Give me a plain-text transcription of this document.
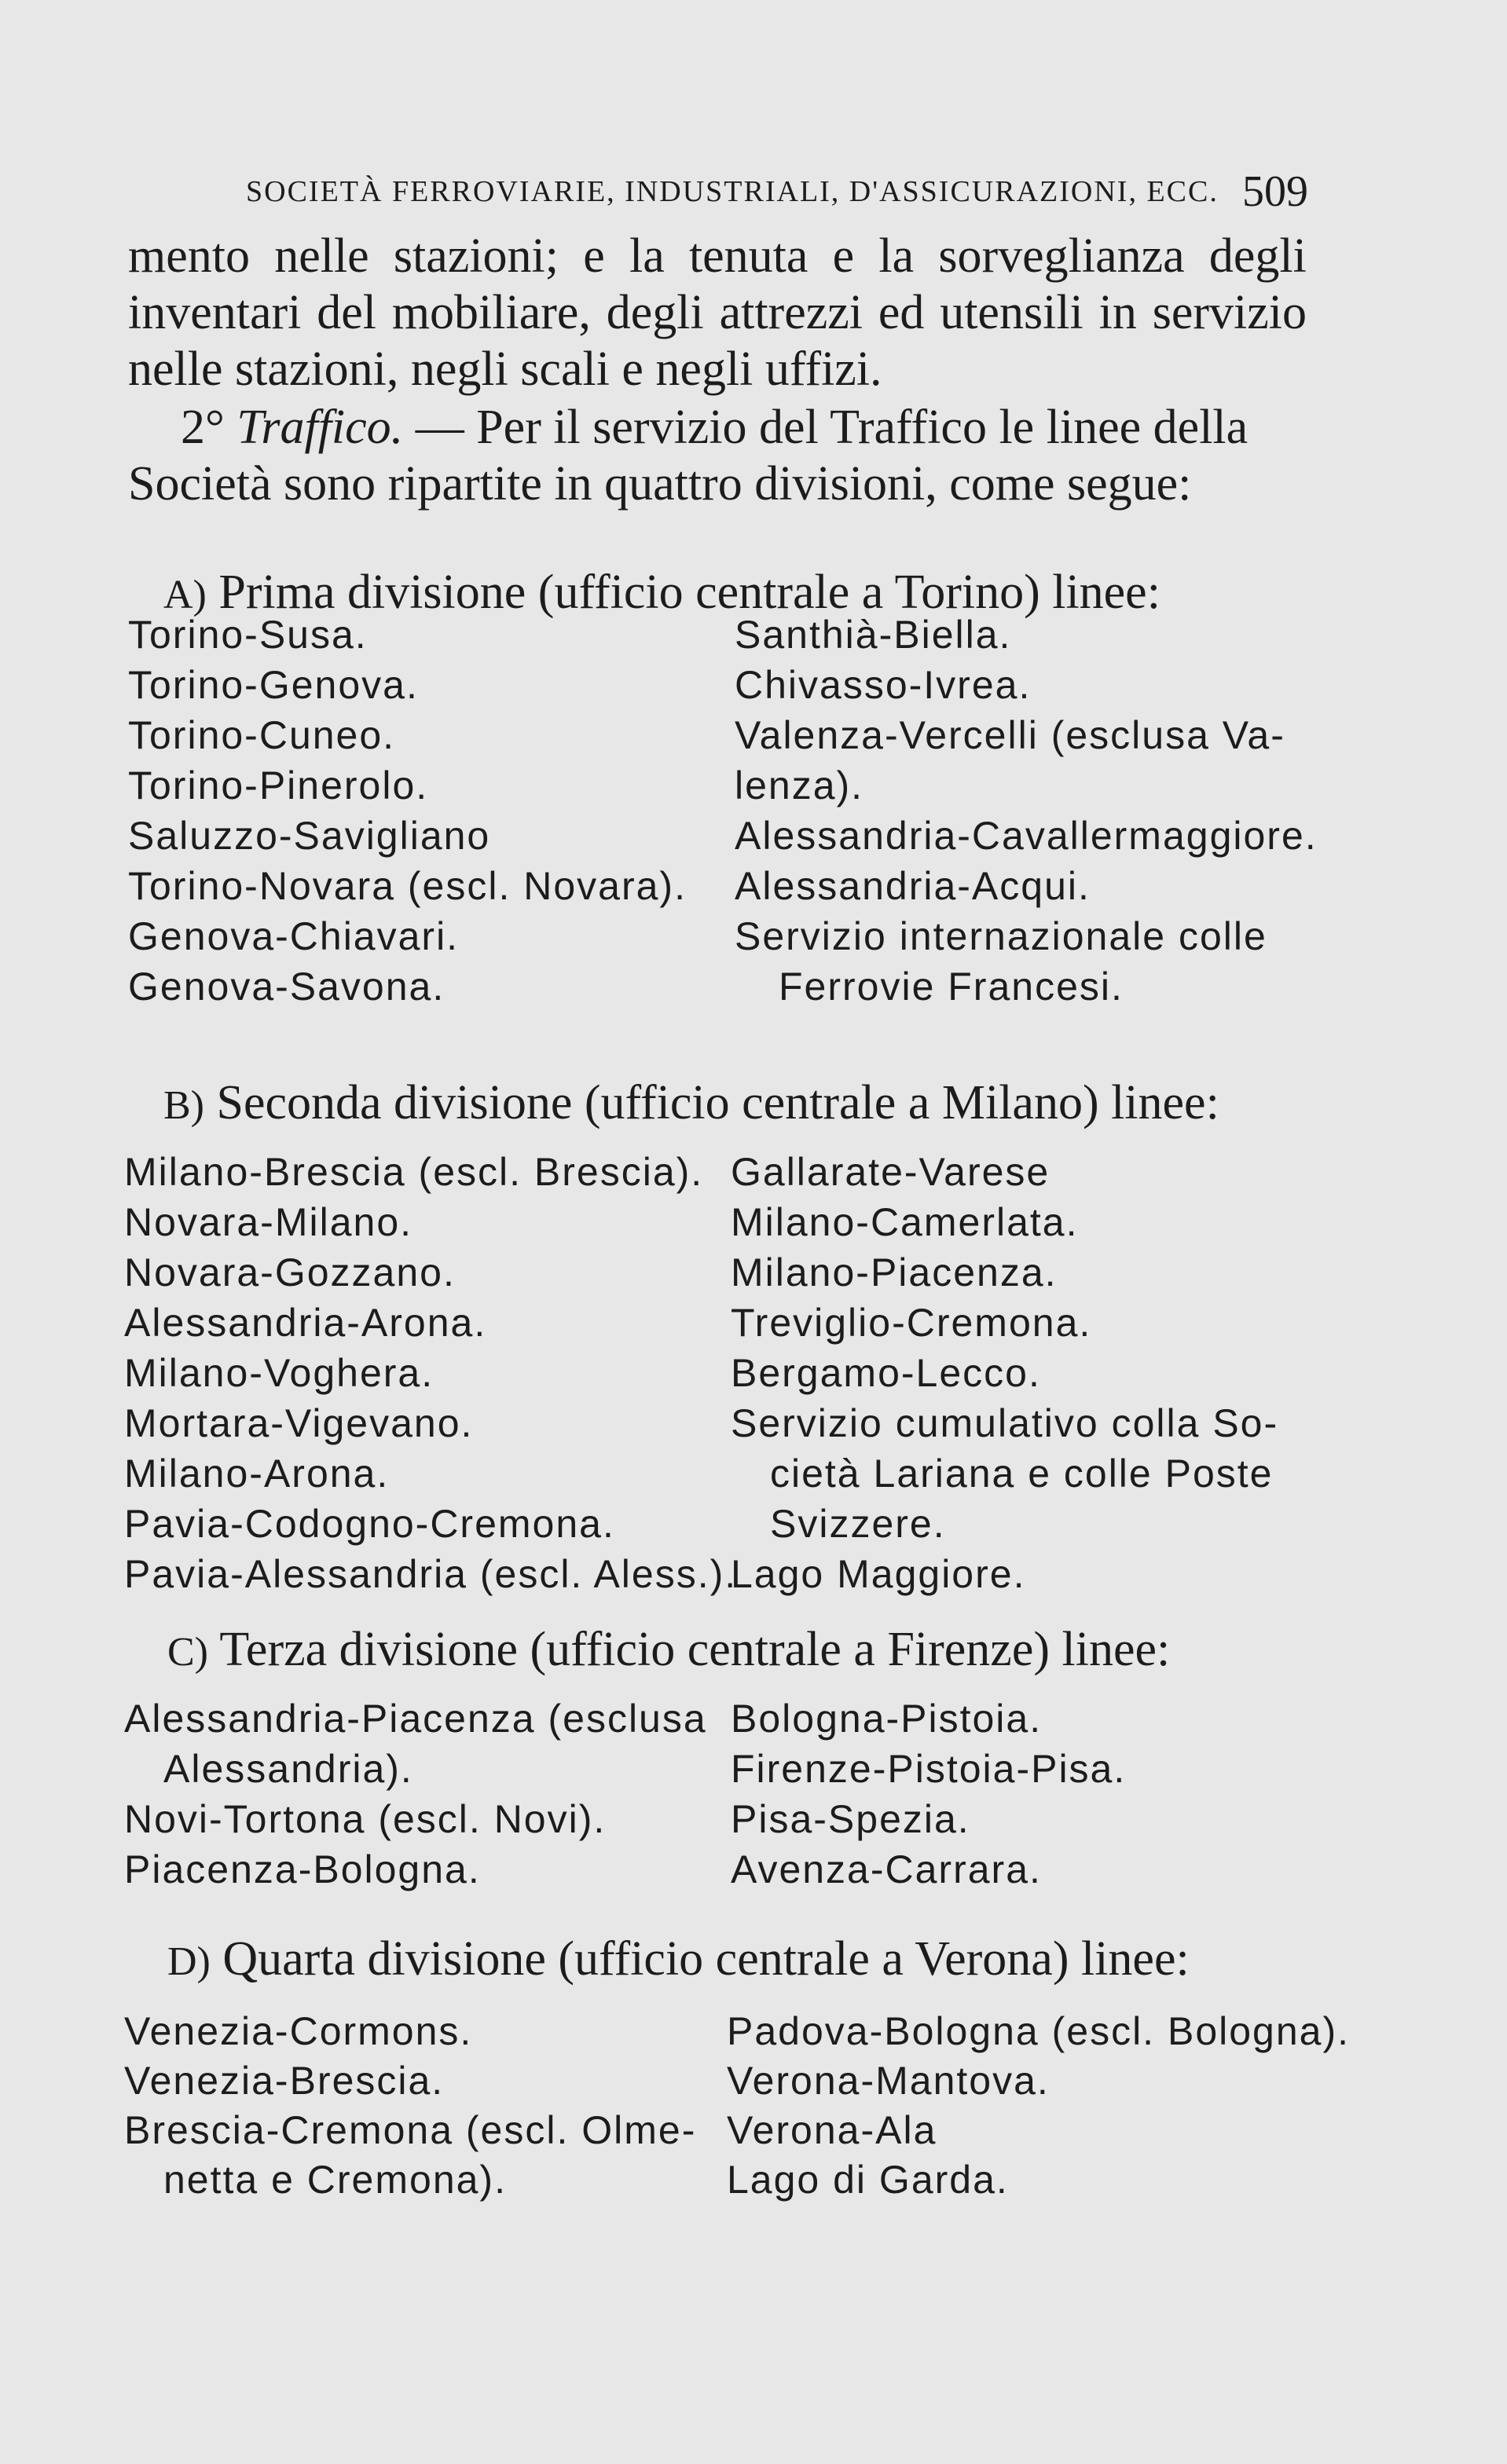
SOCIETÀ FERROVIARIE, INDUSTRIALI, D'ASSICURAZIONI, ECC. 509
mento nelle stazioni; e la tenuta e la sorveglianza degli
inventari del mobiliare, degli attrezzi ed utensili in servizio
nelle stazioni, negli scali e negli uffizi.
2° Traffico. — Per il servizio del Traffico le linee della
Società sono ripartite in quattro divisioni, come segue:
A) Prima divisione (ufficio centrale a Torino) linee:
Torino-Susa.
Torino-Genova.
Torino-Cuneo.
Torino-Pinerolo.
Saluzzo-Savigliano
Torino-Novara (escl. Novara).
Genova-Chiavari.
Genova-Savona.
Santhià-Biella.
Chivasso-Ivrea.
Valenza-Vercelli (esclusa Va-
lenza).
Alessandria-Cavallermaggiore.
Alessandria-Acqui.
Servizio internazionale colle
Ferrovie Francesi.
B) Seconda divisione (ufficio centrale a Milano) linee:
Milano-Brescia (escl. Brescia).
Novara-Milano.
Novara-Gozzano.
Alessandria-Arona.
Milano-Voghera.
Mortara-Vigevano.
Milano-Arona.
Pavia-Codogno-Cremona.
Pavia-Alessandria (escl. Aless.).
Gallarate-Varese
Milano-Camerlata.
Milano-Piacenza.
Treviglio-Cremona.
Bergamo-Lecco.
Servizio cumulativo colla So-
cietà Lariana e colle Poste
Svizzere.
Lago Maggiore.
C) Terza divisione (ufficio centrale a Firenze) linee:
Alessandria-Piacenza (esclusa
Alessandria).
Novi-Tortona (escl. Novi).
Piacenza-Bologna.
Bologna-Pistoia.
Firenze-Pistoia-Pisa.
Pisa-Spezia.
Avenza-Carrara.
D) Quarta divisione (ufficio centrale a Verona) linee:
Venezia-Cormons.
Venezia-Brescia.
Brescia-Cremona (escl. Olme-
netta e Cremona).
Padova-Bologna (escl. Bologna).
Verona-Mantova.
Verona-Ala
Lago di Garda.
